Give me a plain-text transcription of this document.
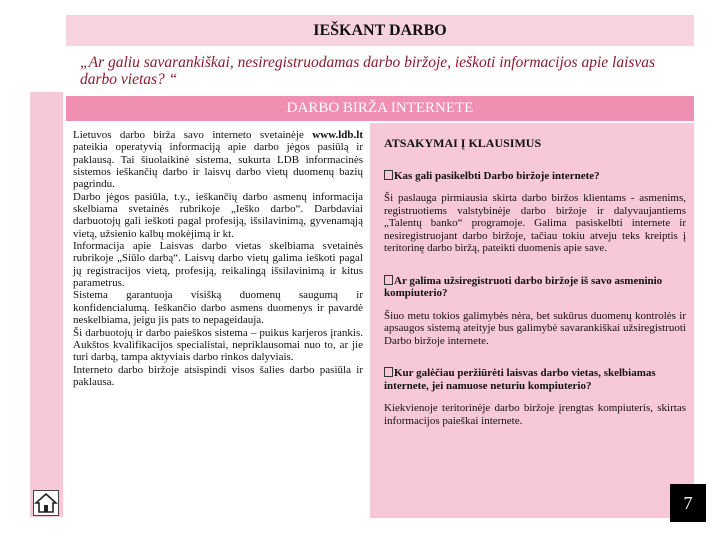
IEŠKANT DARBO
„Ar galiu savarankiškai, nesiregistruodamas darbo biržoje, ieškoti informacijos apie laisvas darbo vietas? “
DARBO BIRŽA INTERNETE

Lietuvos darbo birža savo interneto svetainėje www.ldb.lt pateikia operatyvią informaciją apie darbo jėgos pasiūlą ir paklausą. Tai šiuolaikinė sistema, sukurta LDB informacinės sistemos ieškančių darbo ir laisvų darbo vietų duomenų bazių pagrindu.

Darbo jėgos pasiūla, t.y., ieškančių darbo asmenų informacija skelbiama svetainės rubrikoje „Ieško darbo“. Darbdaviai darbuotojų gali ieškoti pagal profesiją, išsilavinimą, gyvenamąją vietą, užsienio kalbų mokėjimą ir kt.

Informacija apie Laisvas darbo vietas skelbiama svetainės rubrikoje „Siūlo darbą“. Laisvų darbo vietų galima ieškoti pagal jų registracijos vietą, profesiją, reikalingą išsilavinimą ir kitus parametrus.

Sistema garantuoja visišką duomenų saugumą ir konfidencialumą. Ieškančio darbo asmens duomenys ir pavardė neskelbiama, jeigu jis pats to nepageidauja.

Ši darbuotojų ir darbo paieškos sistema – puikus karjeros įrankis. Aukštos kvalifikacijos specialistai, nepriklausomai nuo to, ar jie turi darbą, tampa aktyviais darbo rinkos dalyviais.

Interneto darbo biržoje atsispindi visos šalies darbo pasiūla ir paklausa.

ATSAKYMAI Į KLAUSIMUS
Kas gali pasikelbti Darbo biržoje internete?
Ši paslauga pirmiausia skirta darbo biržos klientams - asmenims, registruotiems valstybinėje darbo biržoje ir dalyvaujantiems „Talentų banko“ programoje. Galima pasiskelbti internete ir nesiregistruojant darbo biržoje, tačiau tokiu atveju teks kreiptis į teritorinę darbo biržą, pateikti duomenis apie save.
Ar galima užsiregistruoti darbo biržoje iš savo asmeninio kompiuterio?
Šiuo metu tokios galimybės nėra, bet sukūrus duomenų kontrolės ir apsaugos sistemą ateityje bus galimybė savarankiškai užsiregistruoti Darbo biržoje internete.
Kur galėčiau peržiūrėti laisvas darbo vietas, skelbiamas internete, jei namuose neturiu kompiuterio?
Kiekvienoje teritorinėje darbo biržoje įrengtas kompiuteris, skirtas informacijos paieškai internete.
7
